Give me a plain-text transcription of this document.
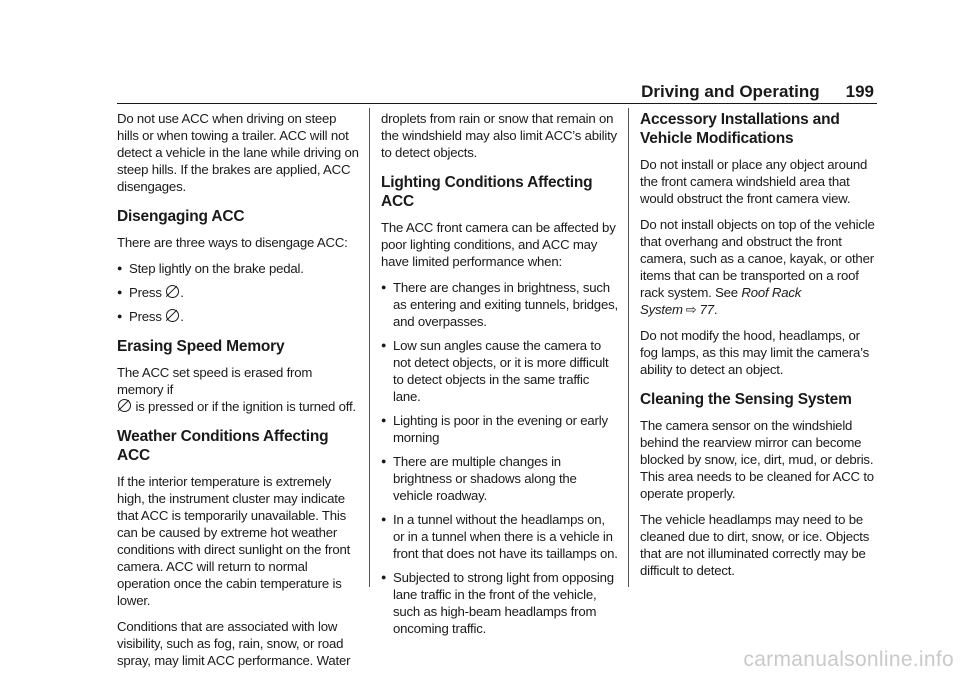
Driving and Operating 199

Do not use ACC when driving on steep hills or when towing a trailer. ACC will not detect a vehicle in the lane while driving on steep hills. If the brakes are applied, ACC disengages.

Disengaging ACC

There are three ways to disengage ACC:

● Step lightly on the brake pedal.
● Press .
● Press .
Erasing Speed Memory

The ACC set speed is erased from memory if
is pressed or if the ignition is turned off.

Weather Conditions Affecting ACC

If the interior temperature is extremely high, the instrument cluster may indicate that ACC is temporarily unavailable. This can be caused by extreme hot weather conditions with direct sunlight on the front camera. ACC will return to normal operation once the cabin temperature is lower.

Conditions that are associated with low visibility, such as fog, rain, snow, or road spray, may limit ACC performance. Water

droplets from rain or snow that remain on the windshield may also limit ACC’s ability to detect objects.

Lighting Conditions Affecting ACC

The ACC front camera can be affected by poor lighting conditions, and ACC may have limited performance when:

● There are changes in brightness, such as entering and exiting tunnels, bridges, and overpasses.
● Low sun angles cause the camera to not detect objects, or it is more difficult to detect objects in the same traffic lane.
● Lighting is poor in the evening or early morning
● There are multiple changes in brightness or shadows along the vehicle roadway.
● In a tunnel without the headlamps on, or in a tunnel when there is a vehicle in front that does not have its taillamps on.
● Subjected to strong light from opposing lane traffic in the front of the vehicle, such as high-beam headlamps from oncoming traffic.
Accessory Installations and Vehicle Modifications

Do not install or place any object around the front camera windshield area that would obstruct the front camera view.

Do not install objects on top of the vehicle that overhang and obstruct the front camera, such as a canoe, kayak, or other items that can be transported on a roof rack system. See Roof Rack System ⇨ 77.

Do not modify the hood, headlamps, or fog lamps, as this may limit the camera’s ability to detect an object.

Cleaning the Sensing System

The camera sensor on the windshield behind the rearview mirror can become blocked by snow, ice, dirt, mud, or debris. This area needs to be cleaned for ACC to operate properly.

The vehicle headlamps may need to be cleaned due to dirt, snow, or ice. Objects that are not illuminated correctly may be difficult to detect.

carmanualsonline.info
